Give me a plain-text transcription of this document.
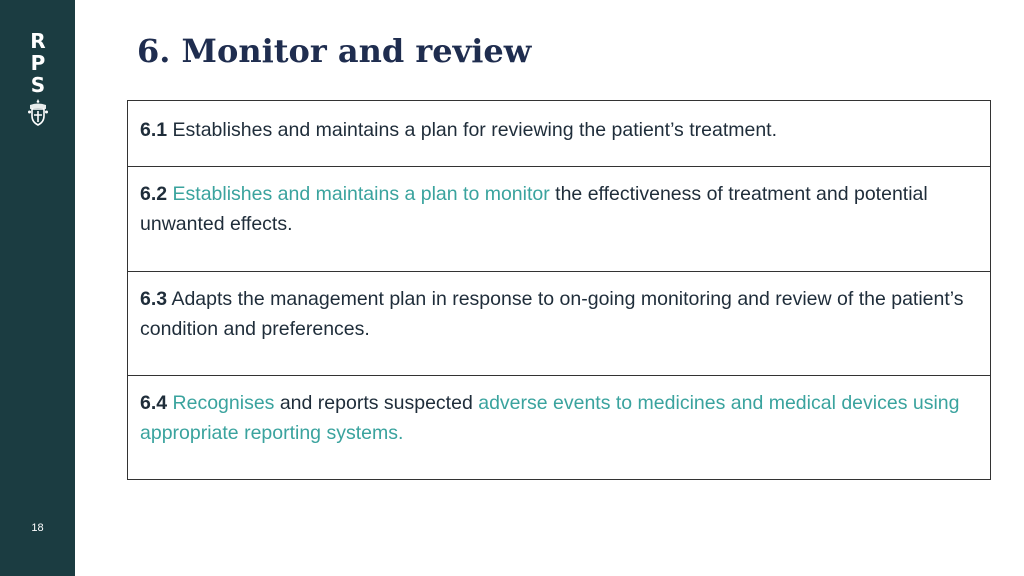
R
P
S
18
6. Monitor and review
6.1 Establishes and maintains a plan for reviewing the patient’s treatment.
6.2 Establishes and maintains a plan to monitor the effectiveness of treatment and potential unwanted effects.
6.3 Adapts the management plan in response to on-going monitoring and review of the patient’s condition and preferences.
6.4 Recognises and reports suspected adverse events to medicines and medical devices using appropriate reporting systems.
